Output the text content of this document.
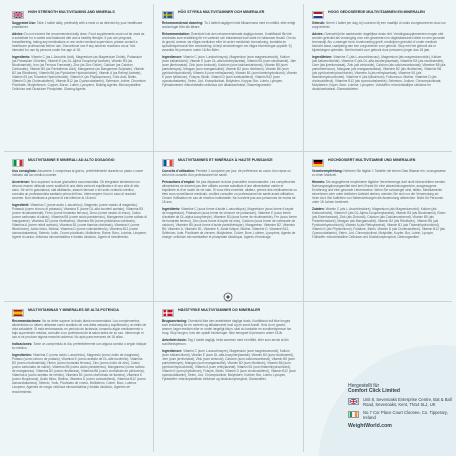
HIGH STRENGTH MULTIVITAMINS AND MINERALS

Suggested Use: Take 1 tablet daily, preferably with a meal or as directed by your healthcare practitioner.

Advice: Do not exceed the recommended daily dose. Food supplements must not be used as a substitute for a varied and balanced diet and a healthy lifestyle. If you are pregnant, breastfeeding, taking any medications or are under medical supervision, please consult a healthcare professional before use. Discontinue use if any adverse reactions occur. Not intended for use by persons under the age of 18.

Ingredients: Vitamin C (as L-Ascorbic Acid), Magnesium (as Magnesium Oxide), Potassium (as Potassium Chloride), Vitamin E (as DL-Alpha Tocopheryl Acetate), Vitamin B3 (as Nicotinamide), Iron (as Ferrous Fumarate), Zinc (as Zinc Oxide), Calcium (as Calcium Carbonate), Vitamin B5 (as Pantothenic Acid), Manganese (as Manganese Sulphate), Vitamin B2 (as Riboflavin), Vitamin B6 (as Pyridoxine Hydrochloride), Vitamin A (as Retinyl Acetate), Vitamin B1 (as Thiamine Hydrochloride), Vitamin K (as Phylloquinone), Folic Acid, Biotin, Vitamin D (as Cholecalciferol), Vitamin B12 (as Cyanocobalamin), Selenium, Iodine, Chromium Picolinate, Molybdenum, Copper, Boron, Lutein, Lycopene, Bulking Agents: Microcrystalline Cellulose and Dicalcium Phosphate, Glazing Agents.

HÖG STYRKA MULTIVITAMINER OCH MINERALER

Rekommenderad dosering: Ta 1 tablett dagligen helst tillsammans med en måltid, eller enligt anvisningar från din läkare.

Rekommendation: Överskrid inte den rekommenderade dagliga dosen. Kosttillskott får inte användas som ersättning för en varierad och balanserad kost samt en hälsosam livsstil. Om du är gravid, ammar, tar några mediciner eller är under medicinsk övervakning, kontakta en sjukvårdspersonal före användning. Avbryt användningen om några biverkningar uppstår. Ej avsedda för personer under 18 års ålder.

Ingredienser: Vitamin C (som L-askorbinsyra), Magnesium (som magnesiumoxid), Kalium (som kaliumklorid), Vitamin E (som DL-alfa-tokoferylacetat), Vitamin B3 (som nikotinamid), Järn (som järnfumarat), Zink (som zinkoxid), Kalcium (som kalciumkarbonat), Vitamin B5 (som pantotensyra), Mangan (som mangansulfat), Vitamin B2 (som riboflavin), Vitamin B6 (som pyridoxinhydroklorid), Vitamin A (som retinylacetat), Vitamin B1 (som tiaminhydroklorid), Vitamin K (som fyllokinon), Folsyra, Biotin, Vitamin D (som kolekalciferol), Vitamin B12 (som cyanokobalamin), Selen, Jod, Krompikolinat, Molybden, Koppar, Bor, Lutein, Lykopen, Fyllnadsmedel: mikrokristallin cellulosa och dikalciumfosfat, Glaseringsmedel.

HOOG GEDOSEERDE MULTIVITAMINEN EN MINERALEN

Gebruik: Neem 1 tablet per dag, bij voorkeur bij een maaltijd of zoals voorgeschreven door uw zorgverlener.

Advies: Overschrijd de aanbevolen dagelijkse dosis niet. Voedingssupplementen mogen niet worden gebruikt als vervanging voor een gevarieerd en uitgebalanceerd dieet en een gezonde levensstijl. Als u zwanger bent, borstvoeding geeft, medicijnen gebruikt of onder medisch toezicht staat, raadpleeg dan een zorgverlener voor gebruik. Stop met het gebruik als er bijwerkingen optreden. Niet bedoeld voor gebruik door personen jonger dan 18 jaar.

Ingrediënten: Vitamine C (als L-ascorbinezuur), Magnesium (als magnesiumoxide), Kalium (als kaliumchloride), Vitamine E (als DL-alfa-tocoferylacetaat), Vitamine B3 (als nicotinamide), IJzer (als ijzerfumaraat), Zink (als zinkoxide), Calcium (als calciumcarbonaat), Vitamine B5 (als pantotheenzuur), Mangaan (als mangaansulfaat), Vitamine B2 (als riboflavine), Vitamine B6 (als pyridoxinehydrochloride), Vitamine A (als retinylacetaat), Vitamine B1 (als thiaminehydrochloride), Vitamine K (als fyllochinon), Foliumzuur, Biotine, Vitamine D (als cholecalciferol), Vitamine B12 (als cyanocobalamine), Selenium, Jodium, Chroompicolinaat, Molybdeen, Koper, Boor, Luteïne, Lycopeen, Vulstoffen: microkristallijne cellulose en dicalciumfosfaat, Glansmiddelen.

MULTIVITAMINE E MINERALI AD ALTO DOSAGGIO

Uso consigliato: Assumere 1 compressa al giorno, preferibilmente durante un pasto o come indicato dal tuo medico curante.

Avvertenze: Non superare la dose giornaliera raccomandata. Gli integratori alimentari non devono essere utilizzati come sostituti di una dieta varia ed equilibrata e di uno stile di vita sano. Se sei in gravidanza, stai allattando, assumi farmaci o sei sotto controllo medico, consulta un professionista sanitario prima dell'uso. Interrompere l'uso in caso di reazioni avverse. Non destinato a persone di età inferiore ai 18 anni.

Ingredienti: Vitamina C (come acido L-ascorbico), Magnesio (come ossido di magnesio), Potassio (come cloruro di potassio), Vitamina E (come DL-alfa tocoferil acetato), Vitamina B3 (come nicotinammide), Ferro (come fumarato ferroso), Zinco (come ossido di zinco), Calcio (come carbonato di calcio), Vitamina B5 (come acido pantotenico), Manganese (come solfato di manganese), Vitamina B2 (come riboflavina), Vitamina B6 (come piridossina cloridrato), Vitamina A (come retinil acetato), Vitamina B1 (come tiamina cloridrato), Vitamina K (come fillochinone), Acido folico, Biotina, Vitamina D (come colecalciferolo), Vitamina B12 (come cianocobalamina), Selenio, Iodio, Cromo picolinato, Molibdeno, Rame, Boro, Luteina, Licopene, Agenti di carica: cellulosa microcristallina e fosfato dicalcico, Agenti di rivestimento.

MULTIVITAMINES ET MINÉRAUX À HAUTE PUISSANCE

Conseils d'utilisation: Prendre 1 comprimé par jour, de préférence au cours d'un repas ou selon les conseils d'un professionnel de santé.

Précautions d'emploi: Ne pas dépasser la dose journalière recommandée. Les compléments alimentaires ne doivent pas être utilisés comme substituts d'une alimentation variée et équilibrée et d'un mode de vie sain. Si vous êtes enceinte, allaitez, prenez des médicaments ou êtes sous surveillance médicale, veuillez consulter un professionnel de santé avant utilisation. Cesser l'utilisation en cas de réaction indésirable. Ne convient pas aux personnes de moins de 18 ans.

Ingrédients: Vitamine C (sous forme d'acide L-ascorbique), Magnésium (sous forme d'oxyde de magnésium), Potassium (sous forme de chlorure de potassium), Vitamine E (sous forme d'acétate de DL-alpha-tocophéryle), Vitamine B3 (sous forme de nicotinamide), Fer (sous forme de fumarate ferreux), Zinc (sous forme d'oxyde de zinc), Calcium (sous forme de carbonate de calcium), Vitamine B5 (sous forme d'acide pantothénique), Manganèse, Vitamine B2, Vitamine B6, Vitamine A, Vitamine B1, Vitamine K, Acide folique, Biotine, Vitamine D, Vitamine B12, Sélénium, Iode, Picolinate de chrome, Molybdène, Cuivre, Bore, Lutéine, Lycopène, Agents de charge: cellulose microcristalline et phosphate dicalcique, Agents d'enrobage.

HOCHDOSIERT MULTIVITAMINE UND MINERALIEN

Verzehrempfehlung: Nehmen Sie täglich 1 Tablette mit einem Glas Wasser ein, vorzugsweise zu einer Mahlzeit.

Hinweis: Die angegebene empfohlene tägliche Verzehrmenge darf nicht überschritten werden. Nahrungsergänzungsmittel sind kein Ersatz für eine abwechslungsreiche, ausgewogene Ernährung und eine gesunde Lebensweise. Wenn Sie schwanger sind, stillen, Medikamente einnehmen oder unter ärztlicher Aufsicht stehen, wenden Sie sich vor der Verwendung an Ihren Arzt. Bei Auftreten von Nebenwirkungen die Anwendung abbrechen. Nicht für Personen unter 18 Jahren bestimmt.

Zutaten: Vitamin C (als L-Ascorbinsäure), Magnesium (als Magnesiumoxid), Kalium (als Kaliumchlorid), Vitamin E (als DL-Alpha-Tocopherylacetat), Vitamin B3 (als Nicotinamid), Eisen (als Eisenfumarat), Zink (als Zinkoxid), Calcium (als Calciumcarbonat), Vitamin B5 (als Pantothensäure), Mangan (als Mangansulfat), Vitamin B2 (als Riboflavin), Vitamin B6 (als Pyridoxinhydrochlorid), Vitamin A (als Retinylacetat), Vitamin B1 (als Thiaminhydrochlorid), Vitamin K (als Phyllochinon), Folsäure, Biotin, Vitamin D (als Cholecalciferol), Vitamin B12 (als Cyanocobalamin), Selen, Jod, Chrompicolinat, Molybdän, Kupfer, Bor, Lutein, Lycopin, Füllstoffe: mikrokristalline Cellulose und Dicalciumphosphat, Überzugsmittel.

MULTIVITAMINAS Y MINERALES DE ALTA POTENCIA

Recomendaciones: No se debe superar la dosis diaria recomendada. Los complementos alimenticios no deben utilizarse como sustituto de una dieta variada y equilibrada y un estilo de vida saludable. Si está embarazada, en período de lactancia, tomando algún medicamento o bajo supervisión médica, consulte a un profesional de la salud antes de su uso. Interrumpir el uso si se produce alguna reacción adversa. No apto para menores de 18 años.

Indicaciones: Tome un comprimido al día, preferiblemente con alguna comida o según indique su médico.

Ingredientes: Vitamina C (como ácido L-ascórbico), Magnesio (como óxido de magnesio), Potasio (como cloruro de potasio), Vitamina E (como acetato de DL-alfa tocoferilo), Vitamina B3 (como nicotinamida), Hierro (como fumarato ferroso), Zinc (como óxido de zinc), Calcio (como carbonato de calcio), Vitamina B5 (como ácido pantoténico), Manganeso (como sulfato de manganeso), Vitamina B2 (como riboflavina), Vitamina B6 (como clorhidrato de piridoxina), Vitamina A (como acetato de retinilo), Vitamina B1 (como clorhidrato de tiamina), Vitamina K (como filoquinona), Ácido fólico, Biotina, Vitamina D (como colecalciferol), Vitamina B12 (como cianocobalamina), Selenio, Yodo, Picolinato de cromo, Molibdeno, Cobre, Boro, Luteína, Licopeno, Agentes de carga: celulosa microcristalina y fosfato dicálcico, Agentes de recubrimiento.

HØJSTYRKE MULTIVITAMINER OG MINERALER

Brugsanvisning: Overskrid ikke den anbefalede daglige dosis. Kosttilskud må ikke bruges som erstatning for en varieret og afbalanceret kost og en sund livsstil. Hvis du er gravid, ammer, tager medicin eller er under lægeligt tilsyn, skal du kontakte en sundhedsperson før brug. Stop brugen, hvis der opstår bivirkninger. Ikke beregnet til personer under 18 år.

Anbefalet dosis: Tag 1 tablet dagligt, helst sammen med et måltid, eller som anvist af din sundhedsperson.

Ingredienser: Vitamin C (som L-ascorbinsyre), Magnesium (som magnesiumoxid), Kalium (som kaliumchlorid), Vitamin E (som DL-alfa-tocopherylacetat), Vitamin B3 (som nicotinamid), Jern (som jernfumarat), Zink (som zinkoxid), Calcium (som calciumcarbonat), Vitamin B5 (som pantothensyre), Mangan (som mangansulfat), Vitamin B2 (som riboflavin), Vitamin B6 (som pyridoxinhydrochlorid), Vitamin A (som retinylacetat), Vitamin B1 (som thiaminhydrochlorid), Vitamin K (som phyllokinon), Folsyre, Biotin, Vitamin D (som cholecalciferol), Vitamin B12 (som cyanocobalamin), Selen, Jod, Chrompicolinat, Molybdæn, Kobber, Bor, Lutein, Lycopen, Fyldstoffer: mikrokrystallinsk cellulose og dicalciumphosphat, Glansmidler.

Hergestellt für
Comfort Click Limited
Unit 8, Sevenoaks Enterprise Centre, Bat & Ball Road, Sevenoaks, Kent, TN14 5LJ, UK
No.7 Cor Place Court Cloonee, Co. Tipperary, Ireland
WeightWorld.com
